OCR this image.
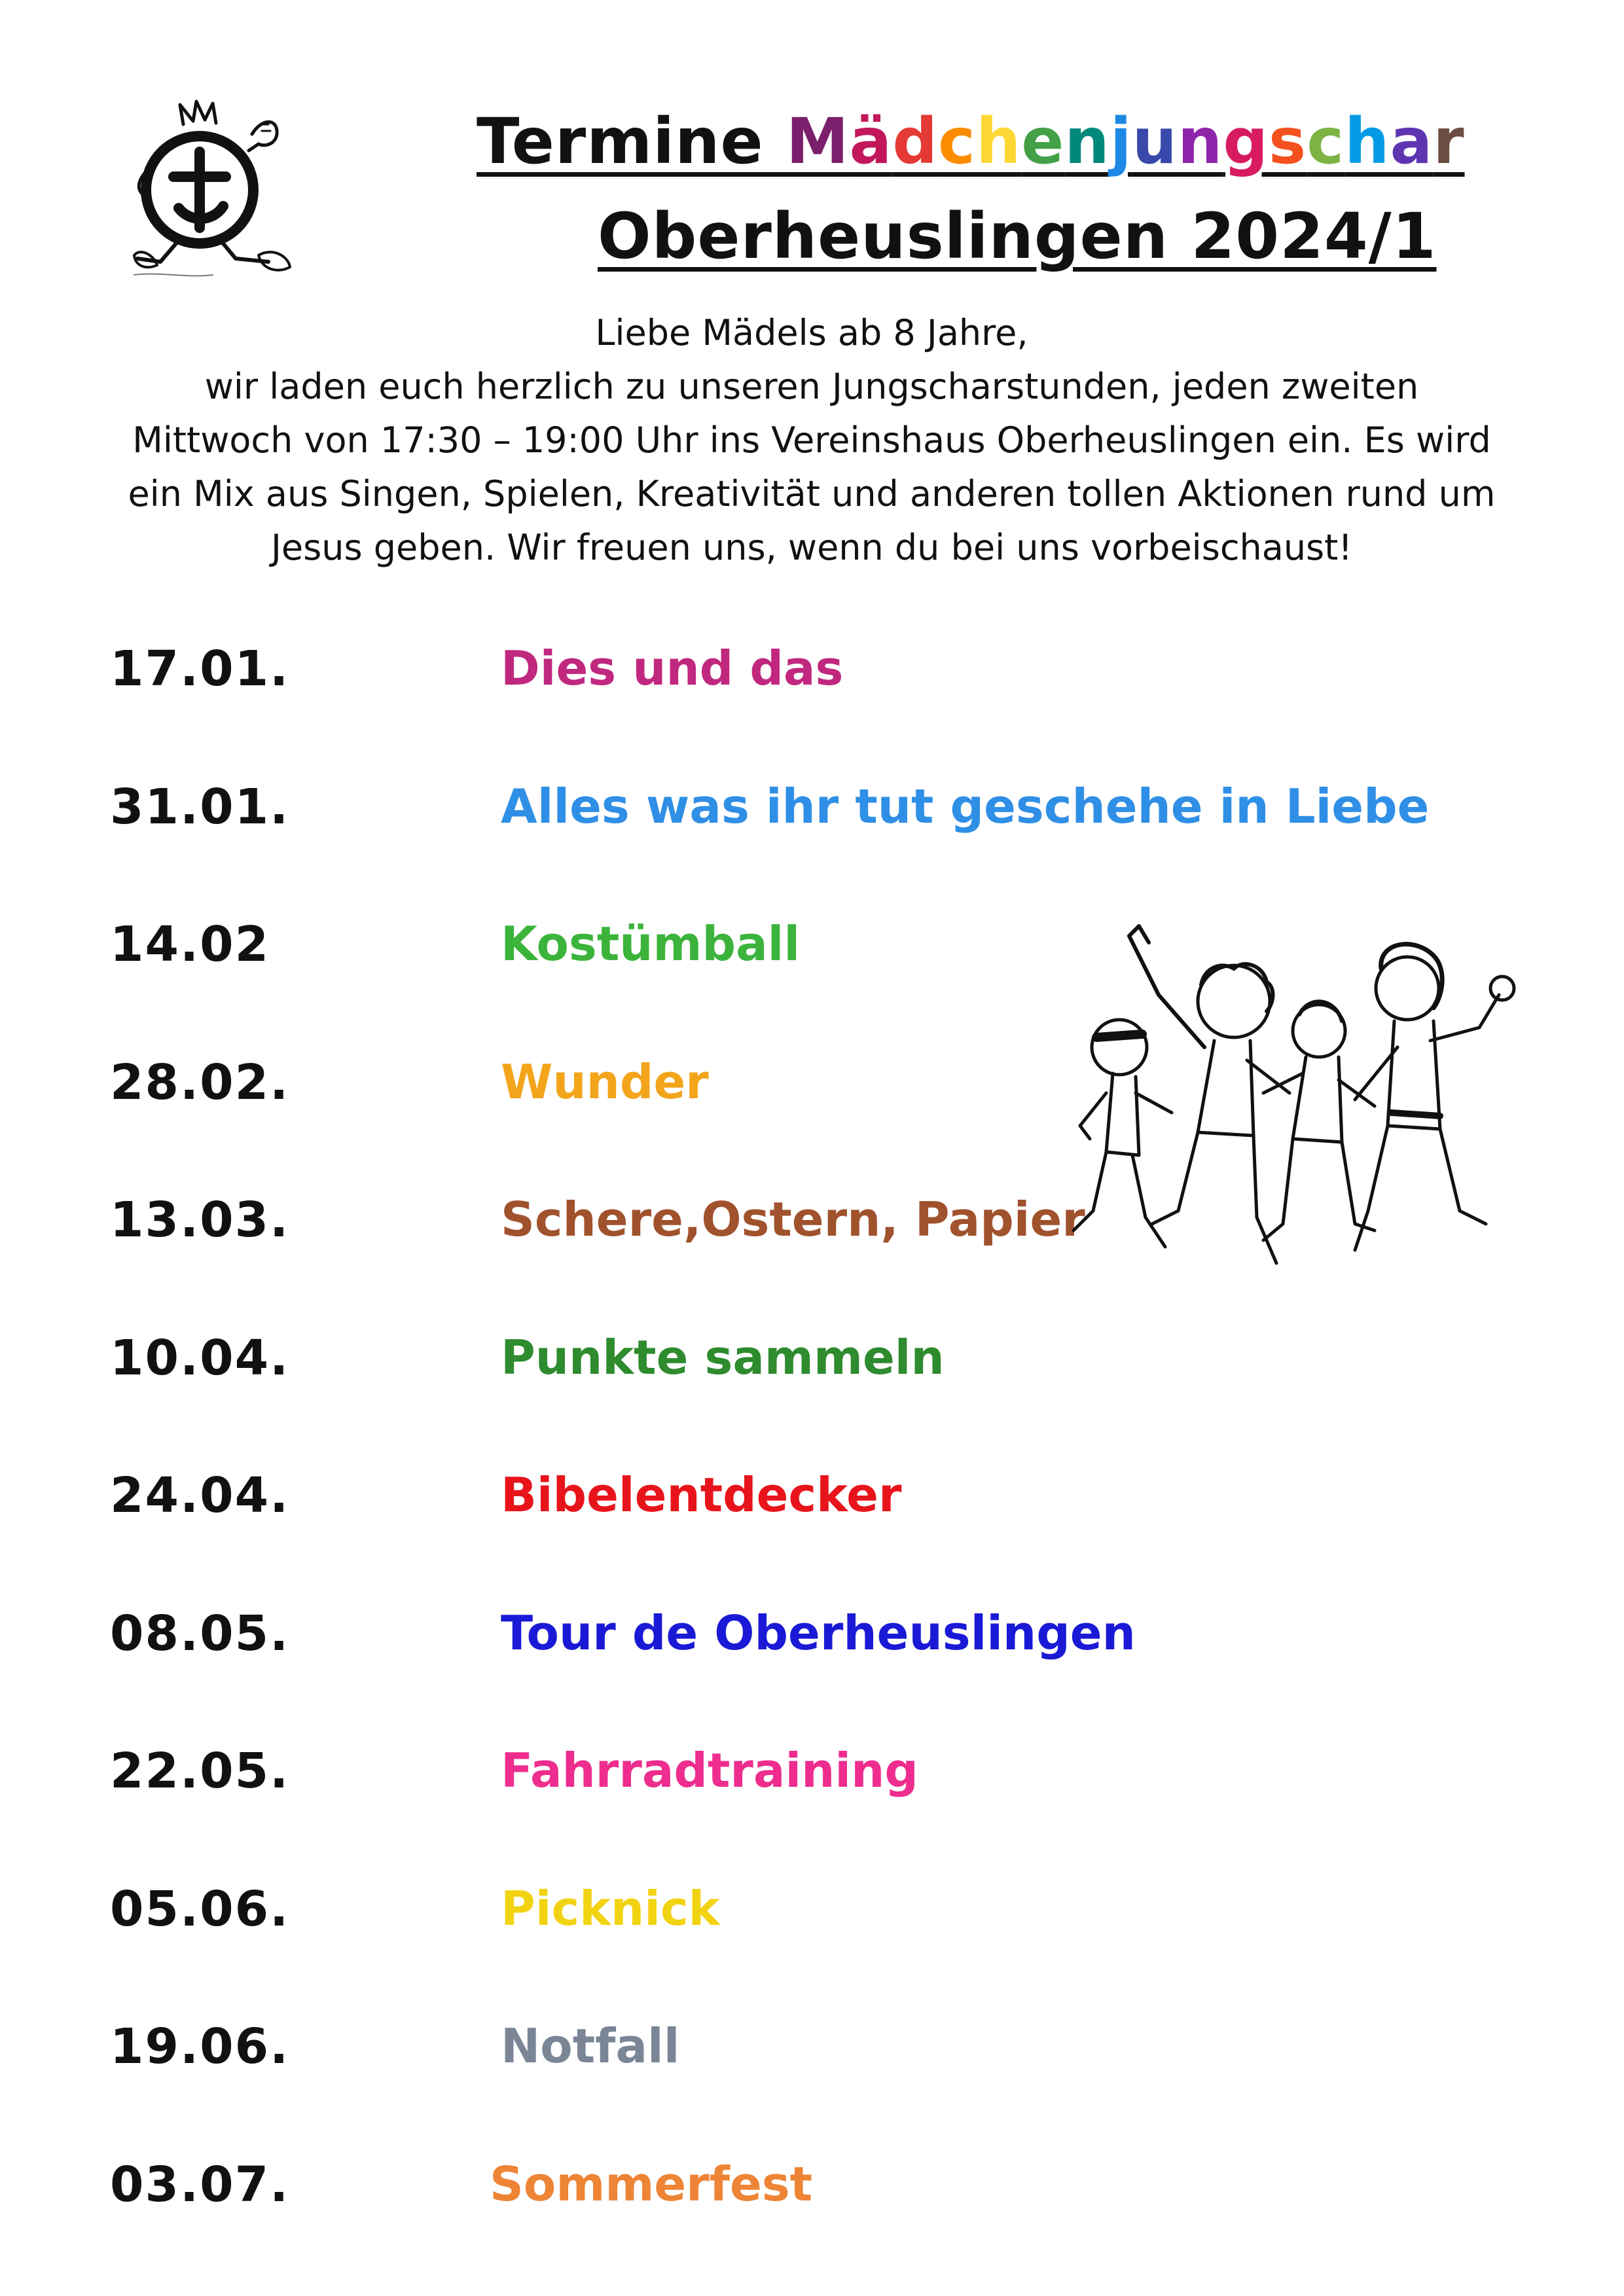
Termine Mädchenjungschar
Oberheuslingen 2024/1
Liebe Mädels ab 8 Jahre,
wir laden euch herzlich zu unseren Jungscharstunden, jeden zweiten
Mittwoch von 17:30 – 19:00 Uhr ins Vereinshaus Oberheuslingen ein. Es wird
ein Mix aus Singen, Spielen, Kreativität und anderen tollen Aktionen rund um
Jesus geben. Wir freuen uns, wenn du bei uns vorbeischaust!
17.01.	Dies und das
31.01.	Alles was ihr tut geschehe in Liebe
14.02	Kostümball
28.02.	Wunder
13.03.	Schere,Ostern, Papier
10.04.	Punkte sammeln
24.04.	Bibelentdecker
08.05.	Tour de Oberheuslingen
22.05.	Fahrradtraining
05.06.	Picknick
19.06.	Notfall
03.07.	Sommerfest
